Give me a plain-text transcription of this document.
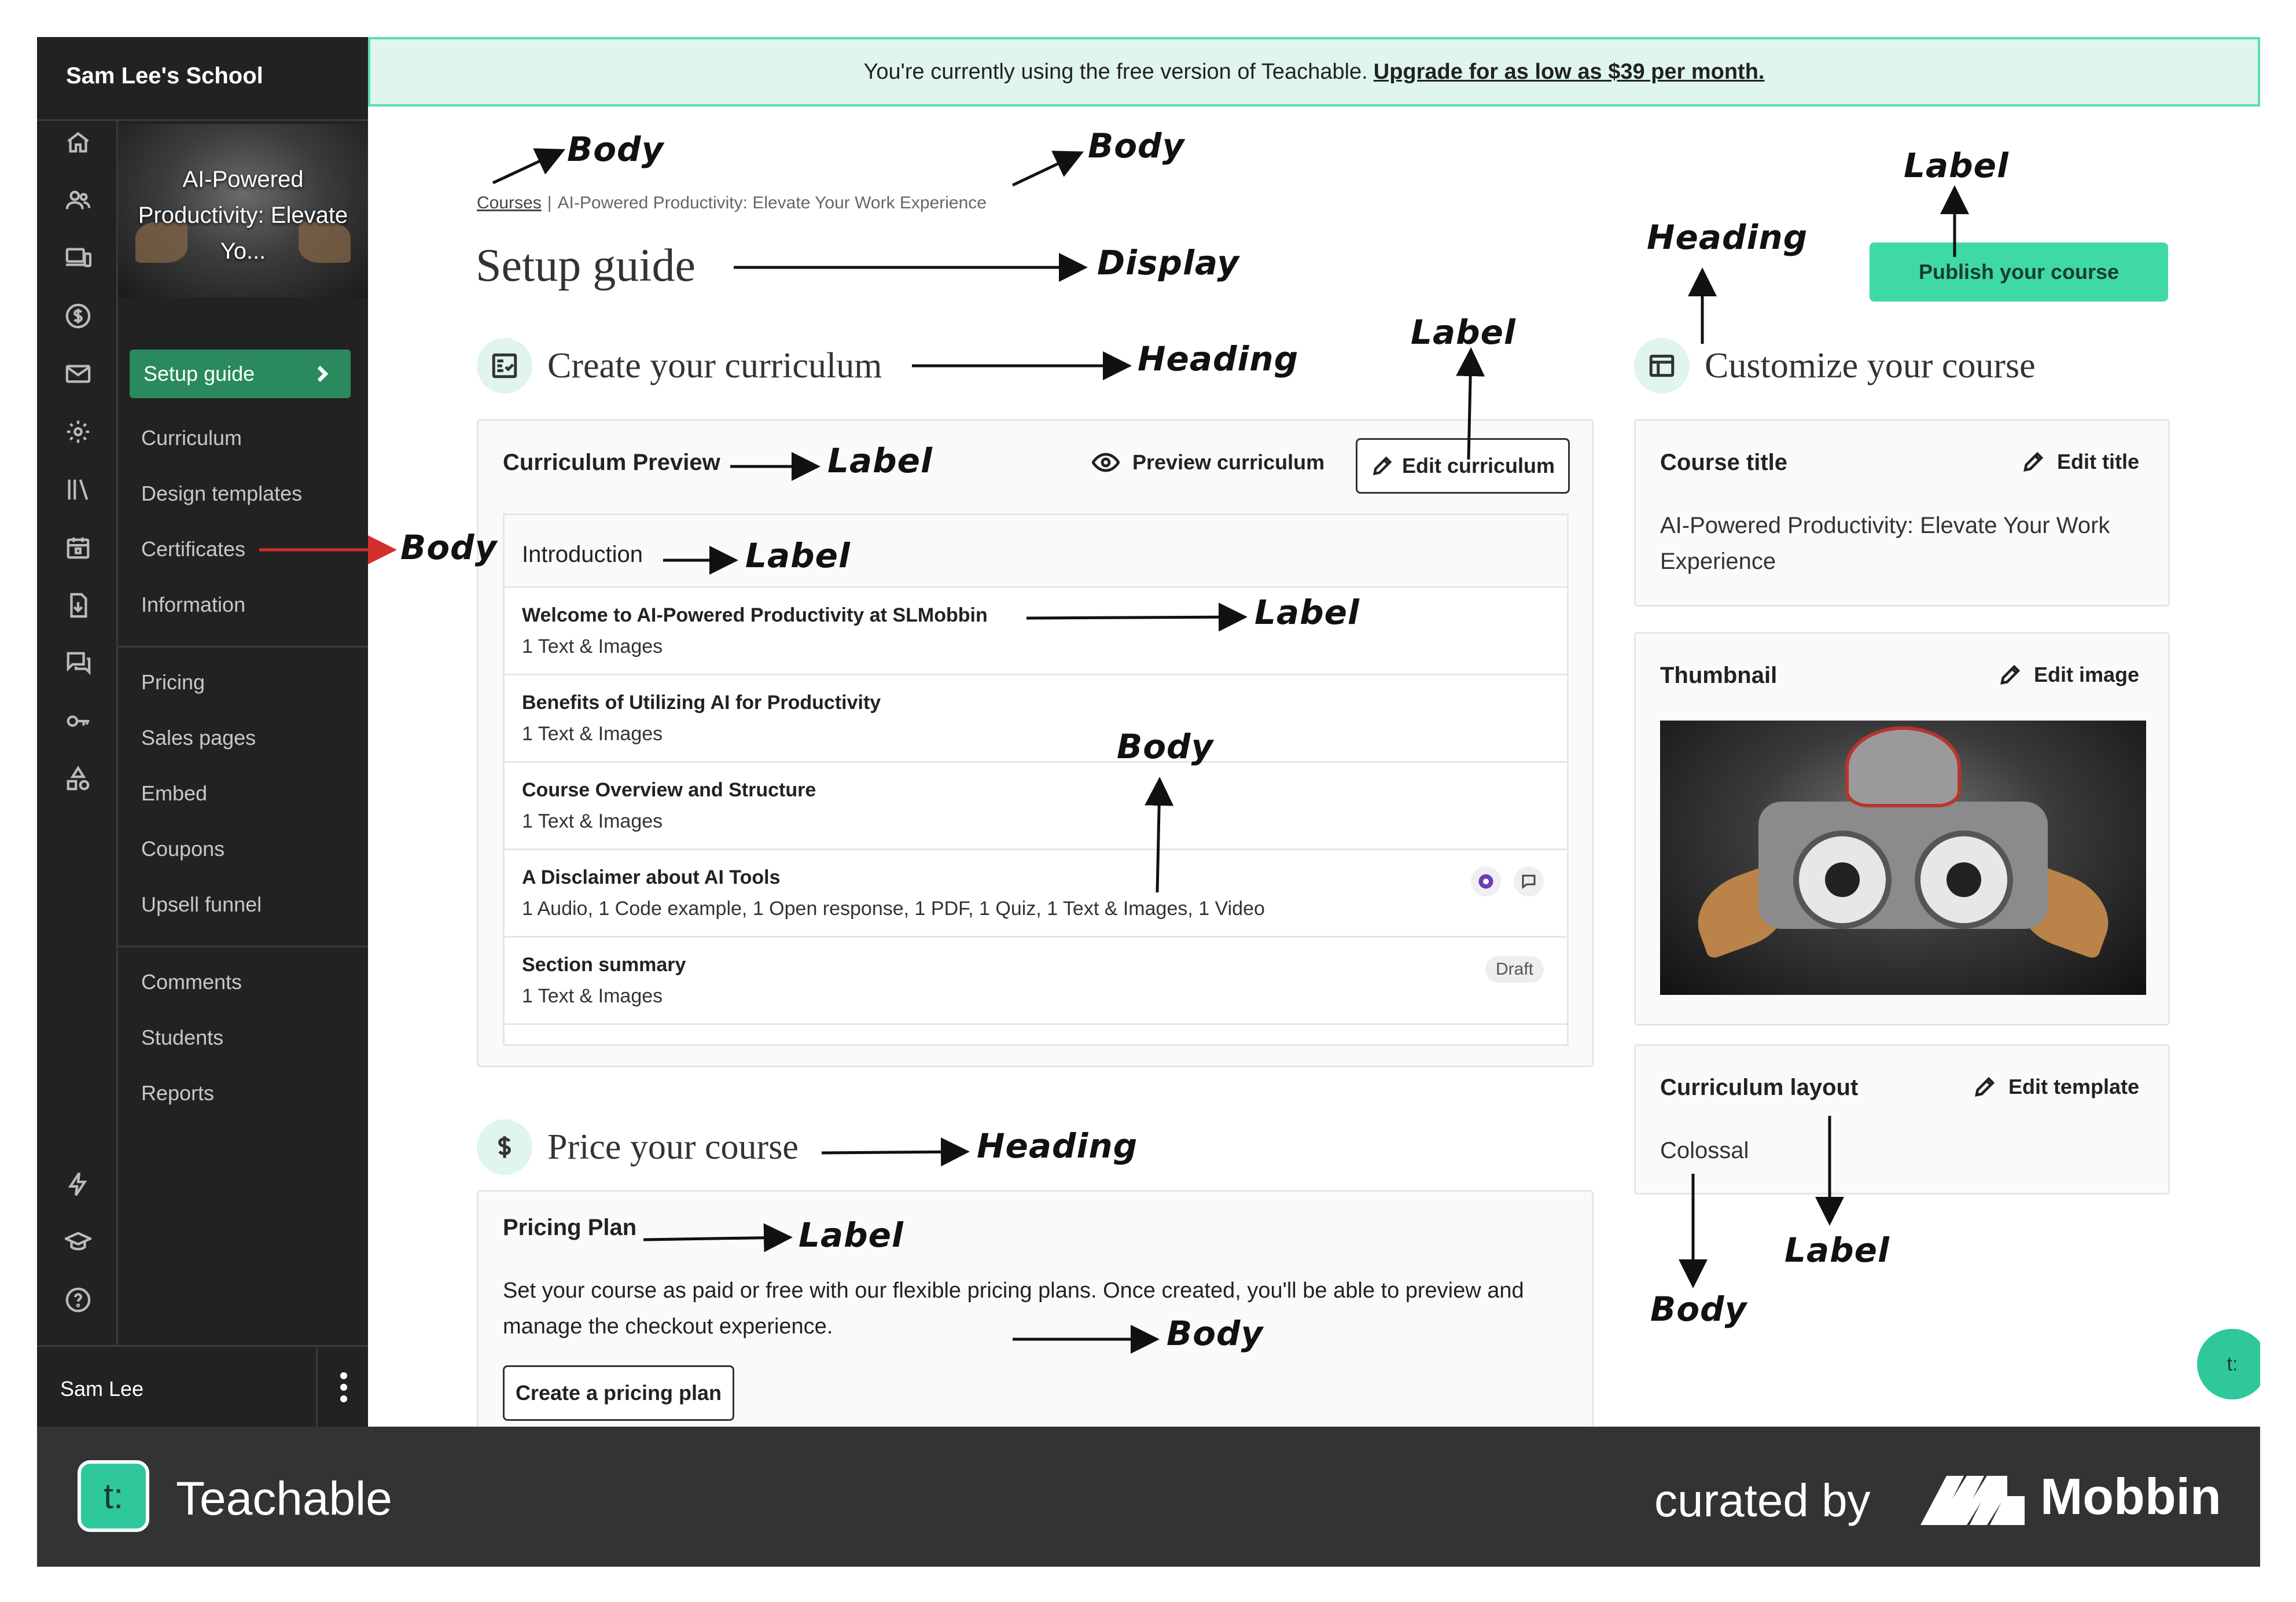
Sam Lee's School
AI-Powered Productivity: Elevate Yo...
Setup guide
Curriculum
Design templates
Certificates
Information
Pricing
Sales pages
Embed
Coupons
Upsell funnel
Comments
Students
Reports
Sam Lee
You're currently using the free version of Teachable. Upgrade for as low as $39 per month.
Courses | AI-Powered Productivity: Elevate Your Work Experience
Setup guide
Create your curriculum
Curriculum Preview	Preview curriculum	Edit curriculum
Introduction
Welcome to AI-Powered Productivity at SLMobbin
1 Text & Images
Benefits of Utilizing AI for Productivity
1 Text & Images
Course Overview and Structure
1 Text & Images
A Disclaimer about AI Tools
1 Audio, 1 Code example, 1 Open response, 1 PDF, 1 Quiz, 1 Text & Images, 1 Video
Section summary
1 Text & Images
Draft
Price your course
Pricing Plan
Set your course as paid or free with our flexible pricing plans. Once created, you'll be able to preview and manage the checkout experience.
Create a pricing plan
Publish your course
Customize your course
Course title	Edit title
AI-Powered Productivity: Elevate Your Work Experience
Thumbnail	Edit image
Curriculum layout	Edit template
Colossal
t:
t:	Teachable	curated by	Mobbin
Body	Body
Display
Heading
Label
Label
Body	Label
Label
Body
Heading
Label
Body
Heading
Label
Label
Body
